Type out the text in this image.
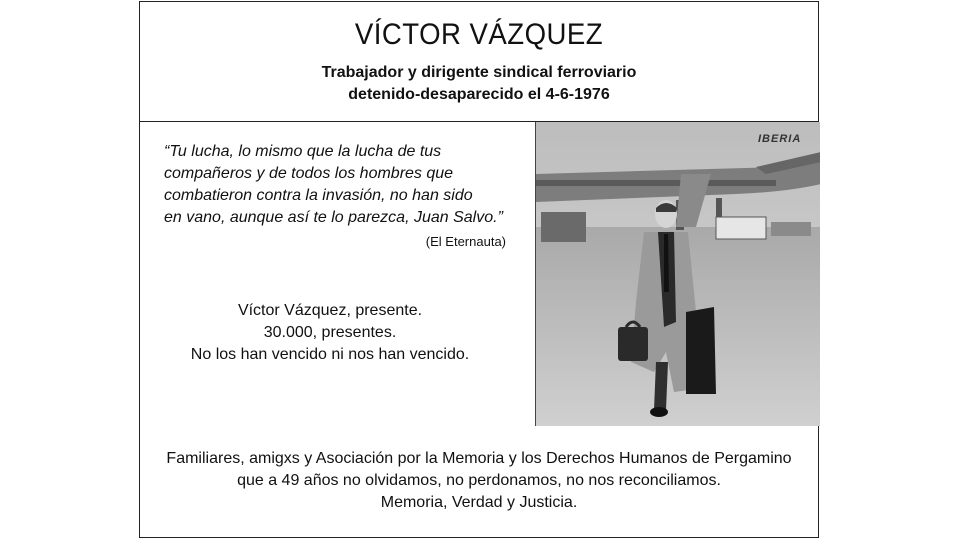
VÍCTOR VÁZQUEZ
Trabajador y dirigente sindical ferroviario
detenido-desaparecido el 4-6-1976
“Tu lucha, lo mismo que la lucha de tus
compañeros y de todos los hombres que
combatieron contra la invasión, no han sido
en vano, aunque así te lo parezca, Juan Salvo.”
(El Eternauta)
Víctor Vázquez, presente.
30.000, presentes.
No los han vencido ni nos han vencido.
IBERIA
Familiares, amigxs y Asociación por la Memoria y los Derechos Humanos de Pergamino
que a 49 años no olvidamos, no perdonamos, no nos reconciliamos.
Memoria, Verdad y Justicia.
